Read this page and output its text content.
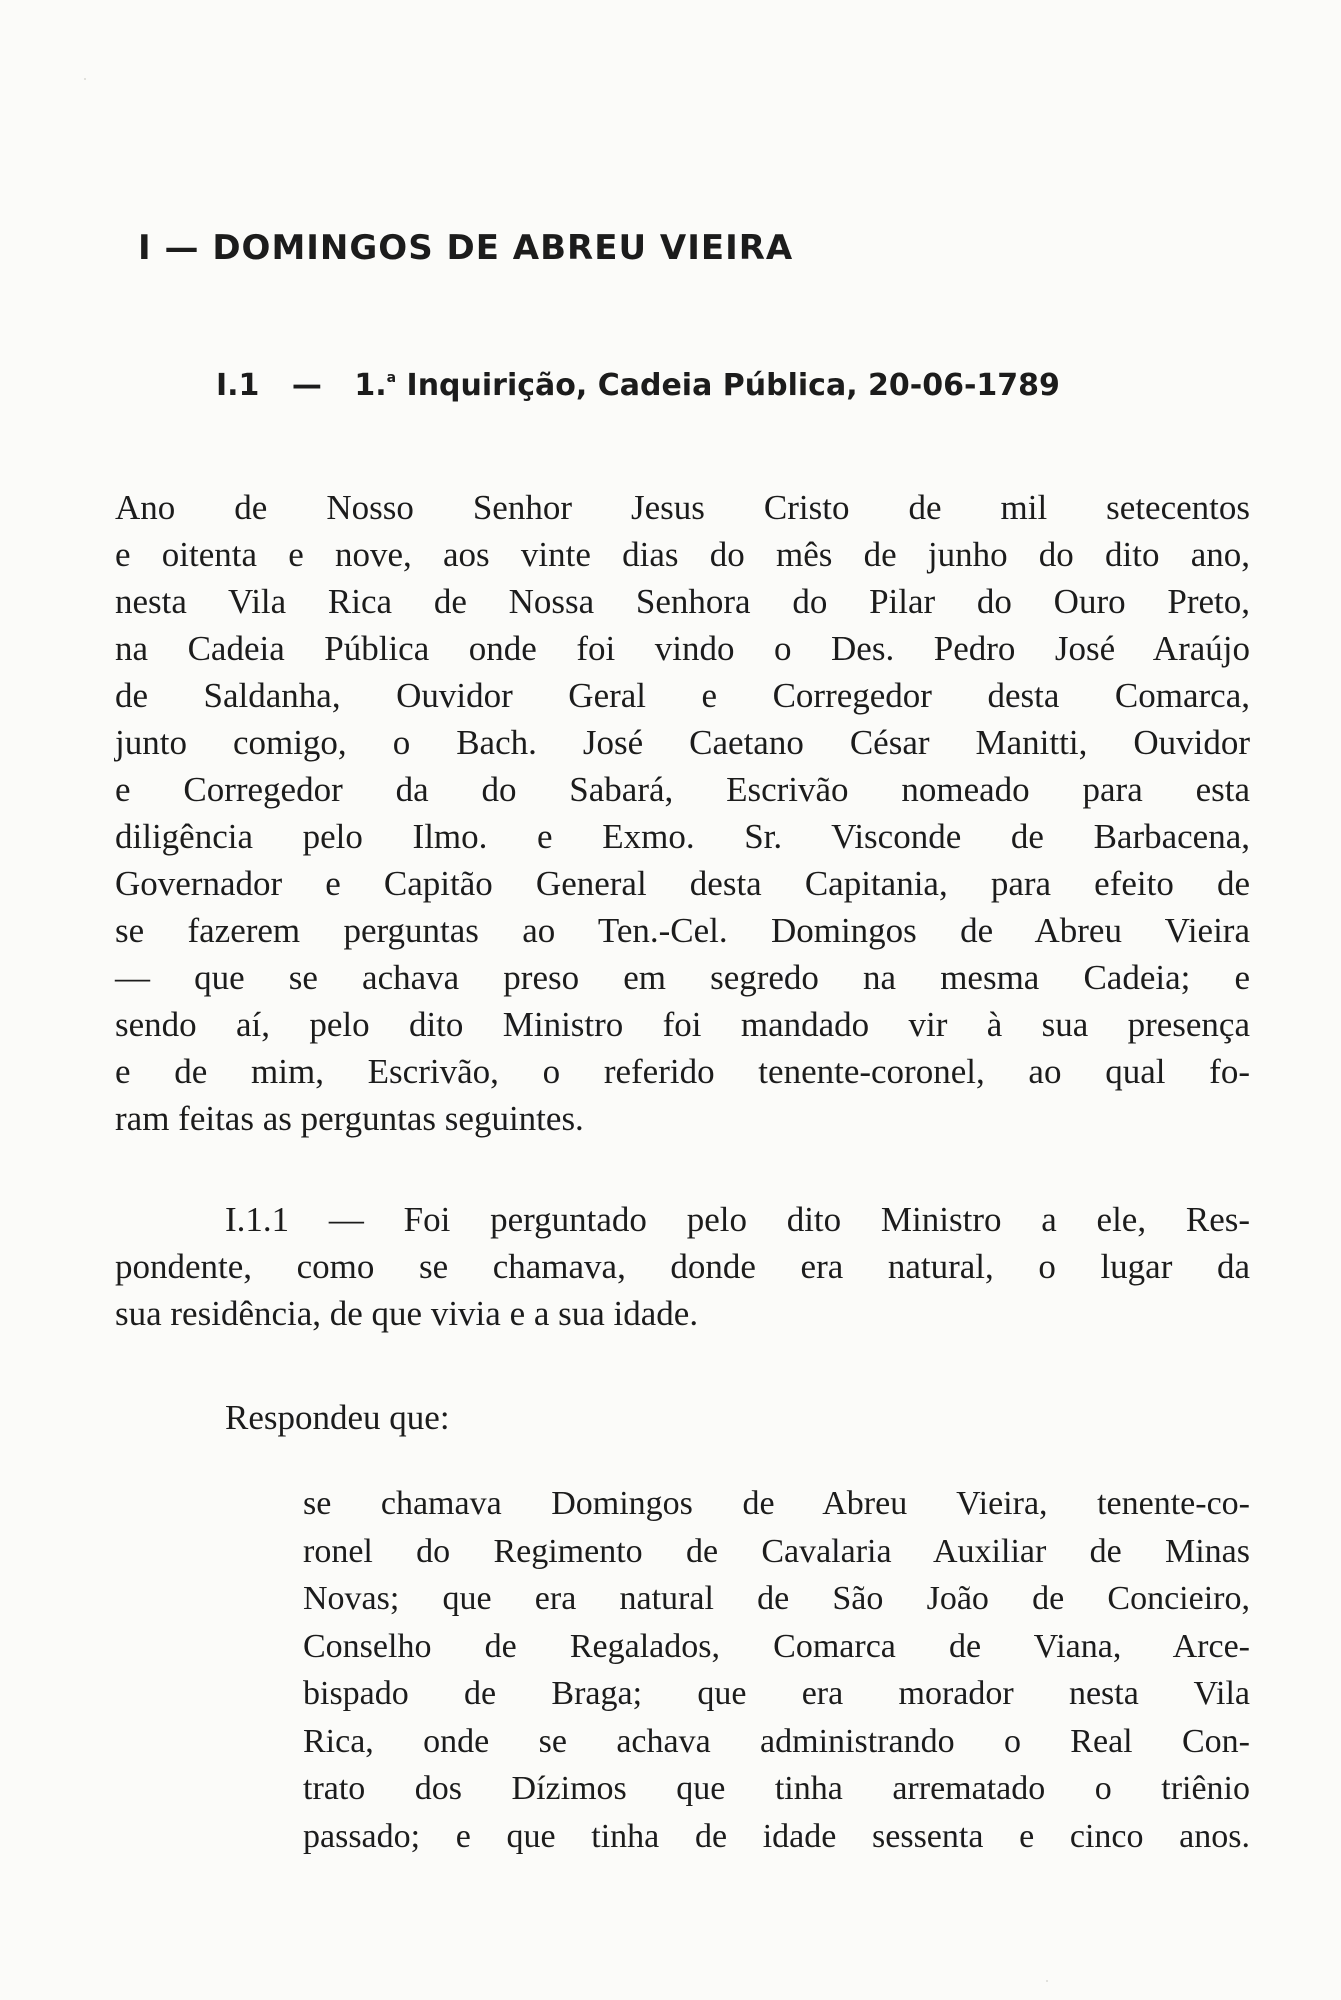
I — DOMINGOS DE ABREU VIEIRA
I.1 — 1.$^a$ Inquirição, Cadeia Pública, 20-06-1789
Ano de Nosso Senhor Jesus Cristo de mil setecentos
e oitenta e nove, aos vinte dias do mês de junho do dito ano,
nesta Vila Rica de Nossa Senhora do Pilar do Ouro Preto,
na Cadeia Pública onde foi vindo o Des. Pedro José Araújo
de Saldanha, Ouvidor Geral e Corregedor desta Comarca,
junto comigo, o Bach. José Caetano César Manitti, Ouvidor
e Corregedor da do Sabará, Escrivão nomeado para esta
diligência pelo Ilmo. e Exmo. Sr. Visconde de Barbacena,
Governador e Capitão General desta Capitania, para efeito de
se fazerem perguntas ao Ten.-Cel. Domingos de Abreu Vieira
— que se achava preso em segredo na mesma Cadeia; e
sendo aí, pelo dito Ministro foi mandado vir à sua presença
e de mim, Escrivão, o referido tenente-coronel, ao qual fo-
ram feitas as perguntas seguintes.
I.1.1 — Foi perguntado pelo dito Ministro a ele, Res-
pondente, como se chamava, donde era natural, o lugar da
sua residência, de que vivia e a sua idade.
Respondeu que:
se chamava Domingos de Abreu Vieira, tenente-co-
ronel do Regimento de Cavalaria Auxiliar de Minas
Novas; que era natural de São João de Concieiro,
Conselho de Regalados, Comarca de Viana, Arce-
bispado de Braga; que era morador nesta Vila
Rica, onde se achava administrando o Real Con-
trato dos Dízimos que tinha arrematado o triênio
passado; e que tinha de idade sessenta e cinco anos.
